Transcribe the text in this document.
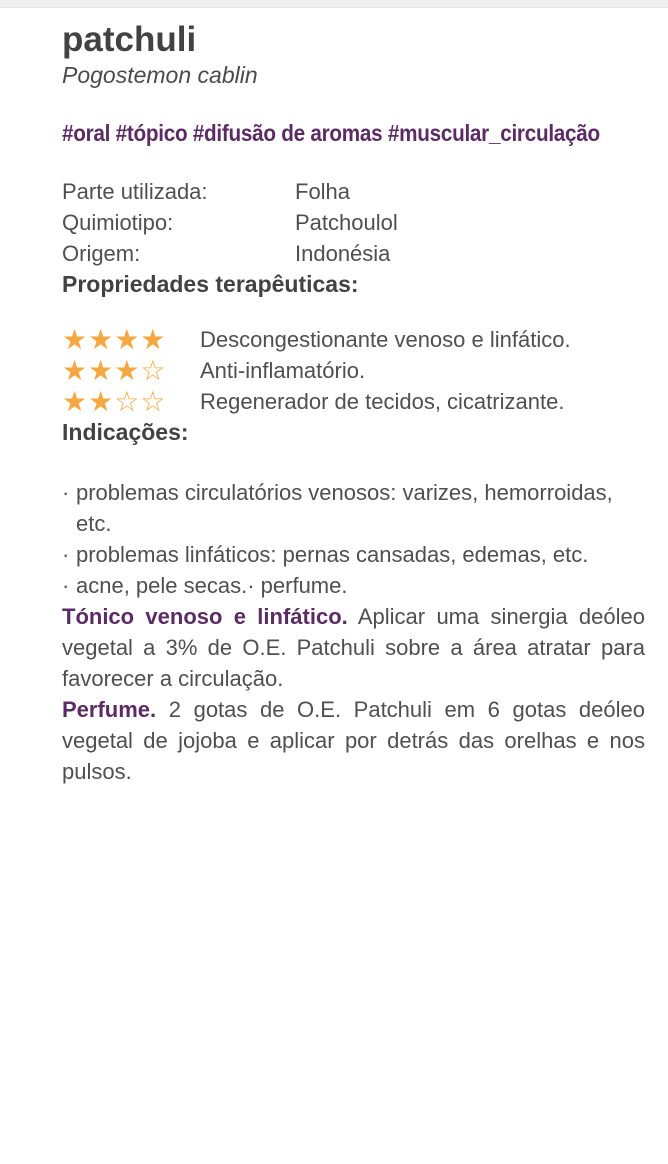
patchuli
Pogostemon cablin
#oral #tópico #difusão de aromas #muscular_circulação
Parte utilizada:	Folha
Quimiotipo:	Patchoulol
Origem:	Indonésia
Propriedades terapêuticas:
★★★★	Descongestionante venoso e linfático.
★★★☆	Anti-inflamatório.
★★☆☆	Regenerador de tecidos, cicatrizante.
Indicações:
· problemas circulatórios venosos: varizes, hemorroidas, etc.
· problemas linfáticos: pernas cansadas, edemas, etc.
· acne, pele secas.· perfume.

Tónico venoso e linfático. Aplicar uma sinergia deóleo vegetal a 3% de O.E. Patchuli sobre a área atratar para favorecer a circulação.

Perfume. 2 gotas de O.E. Patchuli em 6 gotas deóleo vegetal de jojoba e aplicar por detrás das orelhas e nos pulsos.
